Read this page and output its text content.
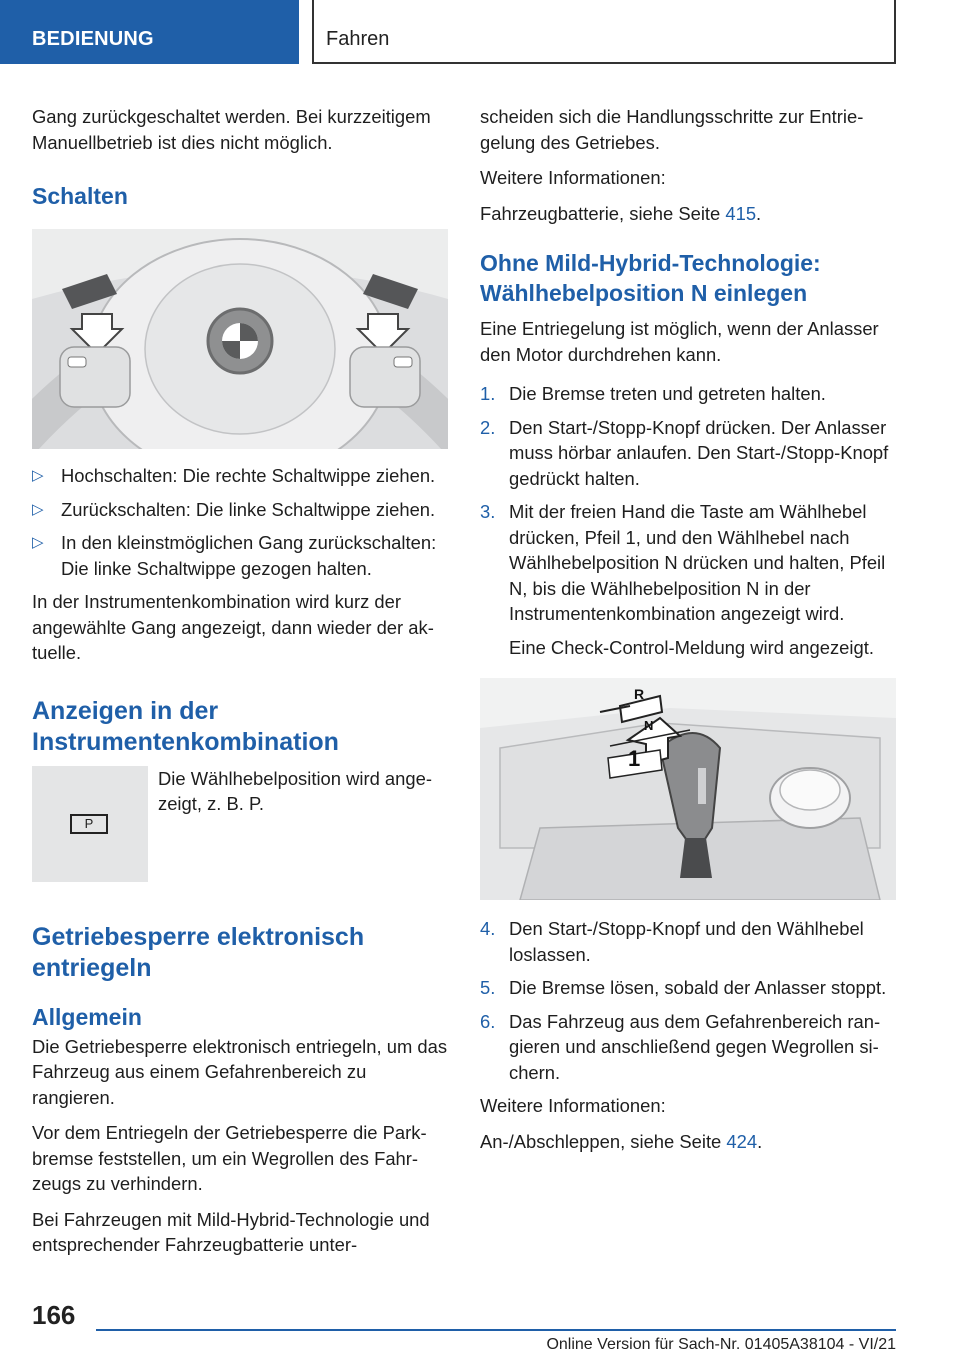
BEDIENUNG	Fahren

Gang zurückgeschaltet werden. Bei kurzzeitigem Manuellbetrieb ist dies nicht möglich.

Schalten
▷ Hochschalten: Die rechte Schaltwippe ziehen.
▷ Zurückschalten: Die linke Schaltwippe ziehen.
▷ In den kleinstmöglichen Gang zurückschalten: Die linke Schaltwippe gezogen halten.

In der Instrumentenkombination wird kurz der angewählte Gang angezeigt, dann wieder der aktuelle.

Anzeigen in der Instrumentenkombination
P

Die Wählhebelposition wird angezeigt, z. B. P.

Getriebesperre elektronisch entriegeln
Allgemein

Die Getriebesperre elektronisch entriegeln, um das Fahrzeug aus einem Gefahrenbereich zu rangieren.

Vor dem Entriegeln der Getriebesperre die Parkbremse feststellen, um ein Wegrollen des Fahrzeugs zu verhindern.

Bei Fahrzeugen mit Mild-Hybrid-Technologie und entsprechender Fahrzeugbatterie unter-

scheiden sich die Handlungsschritte zur Entriegelung des Getriebes.

Weitere Informationen:

Fahrzeugbatterie, siehe Seite 415.

Ohne Mild-Hybrid-Technologie: Wählhebelposition N einlegen

Eine Entriegelung ist möglich, wenn der Anlasser den Motor durchdrehen kann.

1. Die Bremse treten und getreten halten.
2. Den Start-/Stopp-Knopf drücken. Der Anlasser muss hörbar anlaufen. Den Start-/Stopp-Knopf gedrückt halten.
3. Mit der freien Hand die Taste am Wählhebel drücken, Pfeil 1, und den Wählhebel nach Wählhebelposition N drücken und halten, Pfeil N, bis die Wählhebelposition N in der Instrumentenkombination angezeigt wird.

Eine Check-Control-Meldung wird angezeigt.

R
N
1
4. Den Start-/Stopp-Knopf und den Wählhebel loslassen.
5. Die Bremse lösen, sobald der Anlasser stoppt.
6. Das Fahrzeug aus dem Gefahrenbereich rangieren und anschließend gegen Wegrollen sichern.

Weitere Informationen:

An-/Abschleppen, siehe Seite 424.

166
Online Version für Sach-Nr. 01405A38104 - VI/21
